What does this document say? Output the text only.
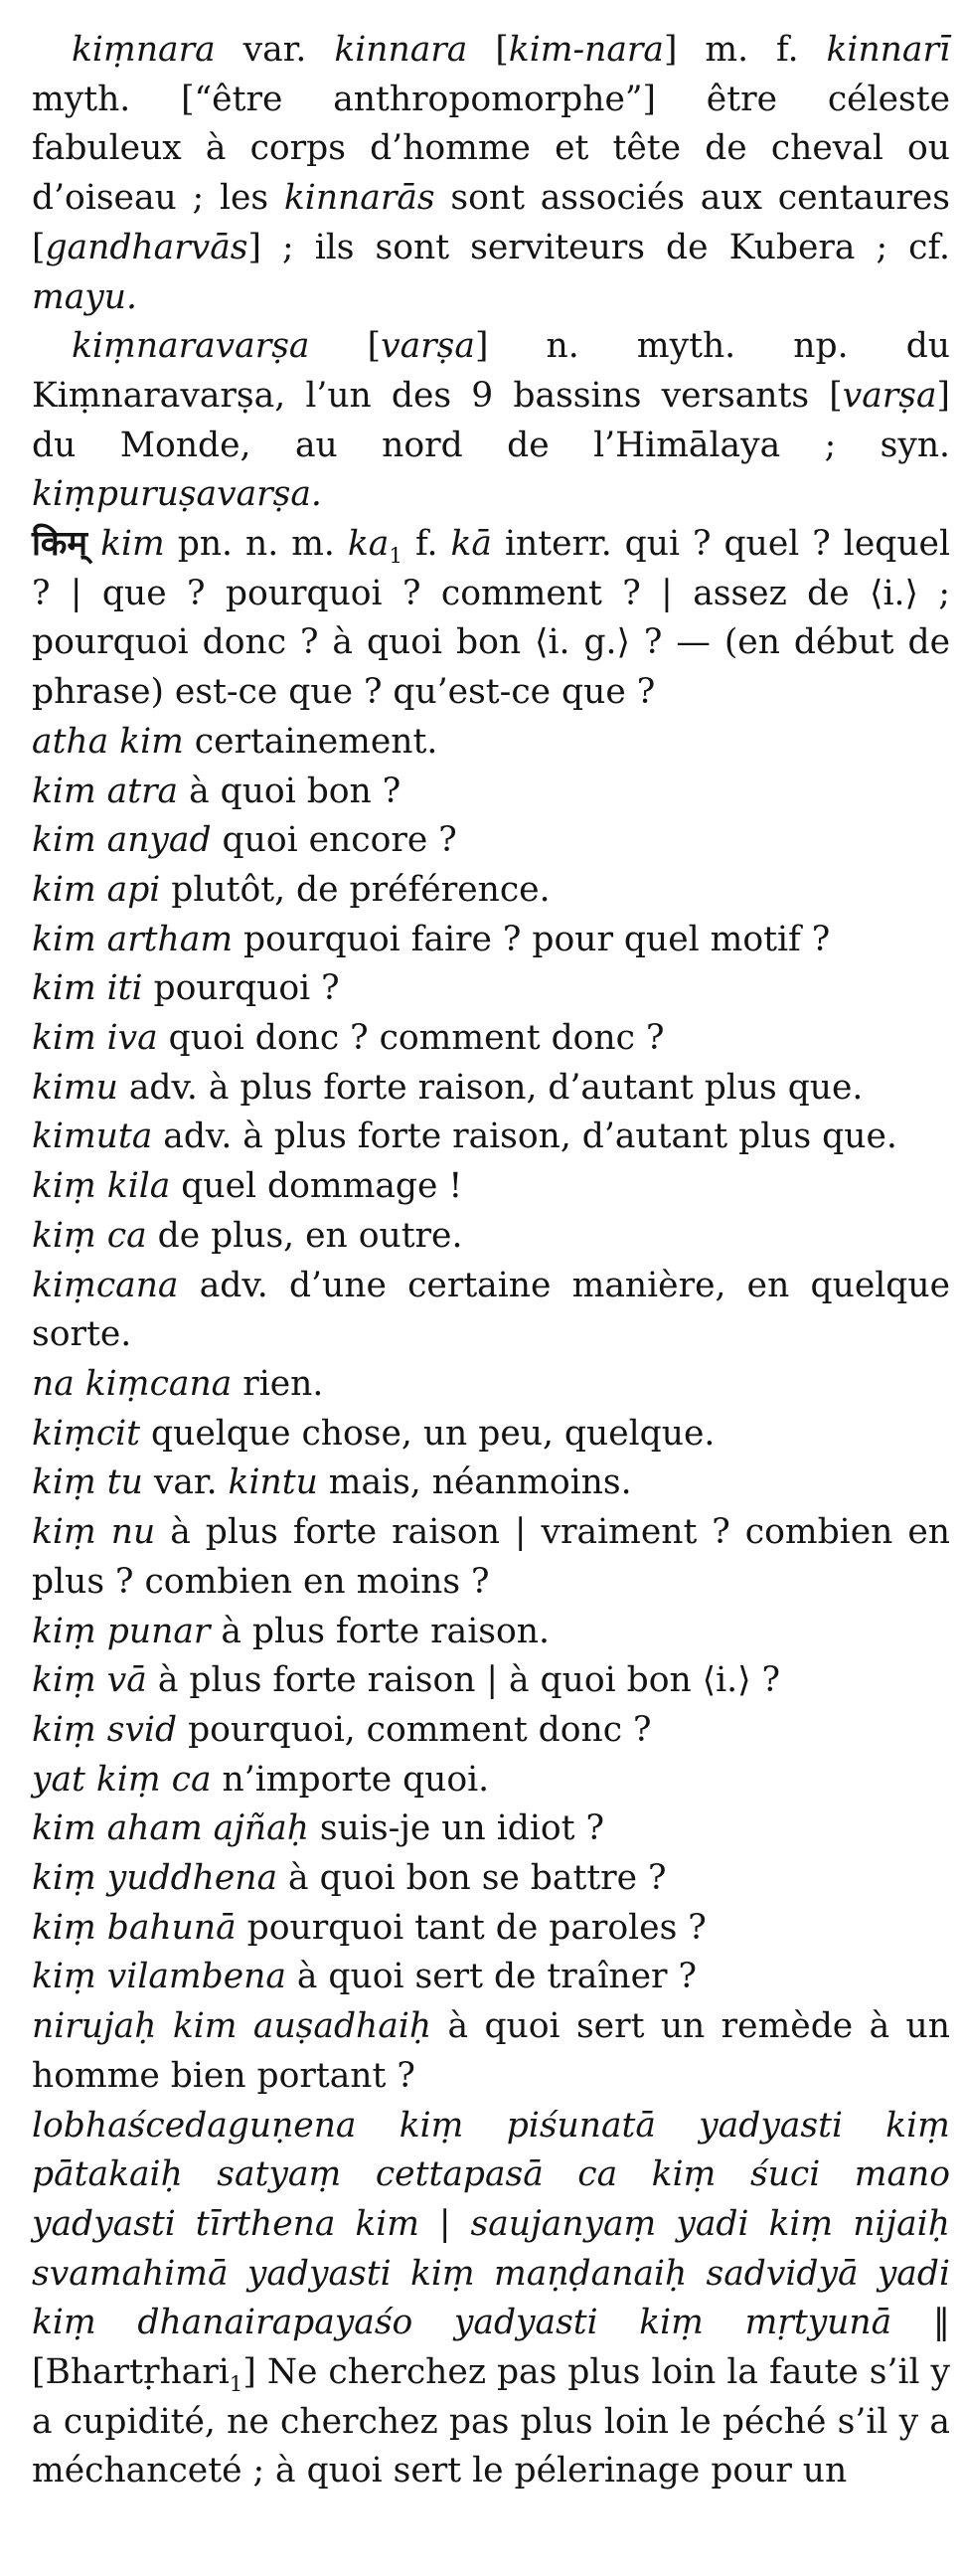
kiṃnara var. kinnara [kim-nara] m. f. kinnarī myth. [“être anthropomorphe”] être céleste fabuleux à corps d’homme et tête de cheval ou d’oiseau ; les kinnarās sont associés aux centaures [gandharvās] ; ils sont serviteurs de Kubera ; cf. mayu.

kiṃnaravarṣa [varṣa] n. myth. np. du Kiṃnaravarṣa, l’un des 9 bassins versants [varṣa] du Monde, au nord de l’Himālaya ; syn. kiṃpuruṣavarṣa.

किम् kim pn. n. m. $ka_1$ f. kā interr. qui ? quel ? lequel ? | que ? pourquoi ? comment ? | assez de ⟨i.⟩ ; pourquoi donc ? à quoi bon ⟨i. g.⟩ ? — (en début de phrase) est-ce que ? qu’est-ce que ?

atha kim certainement.

kim atra à quoi bon ?

kim anyad quoi encore ?

kim api plutôt, de préférence.

kim artham pourquoi faire ? pour quel motif ?

kim iti pourquoi ?

kim iva quoi donc ? comment donc ?

kimu adv. à plus forte raison, d’autant plus que.

kimuta adv. à plus forte raison, d’autant plus que.

kiṃ kila quel dommage !

kiṃ ca de plus, en outre.

kiṃcana adv. d’une certaine manière, en quelque sorte.

na kiṃcana rien.

kiṃcit quelque chose, un peu, quelque.

kiṃ tu var. kintu mais, néanmoins.

kiṃ nu à plus forte raison | vraiment ? combien en plus ? combien en moins ?

kiṃ punar à plus forte raison.

kiṃ vā à plus forte raison | à quoi bon ⟨i.⟩ ?

kiṃ svid pourquoi, comment donc ?

yat kiṃ ca n’importe quoi.

kim aham ajñaḥ suis-je un idiot ?

kiṃ yuddhena à quoi bon se battre ?

kiṃ bahunā pourquoi tant de paroles ?

kiṃ vilambena à quoi sert de traîner ?

nirujaḥ kim auṣadhaiḥ à quoi sert un remède à un homme bien portant ?

lobhaścedaguṇena kiṃ piśunatā yadyasti kiṃ pātakaiḥ satyaṃ cettapasā ca kiṃ śuci mano yadyasti tīrthena kim | saujanyaṃ yadi kiṃ nijaiḥ svamahimā yadyasti kiṃ maṇḍanaiḥ sadvidyā yadi kiṃ dhanairapayaśo yadyasti kiṃ mṛtyunā ‖ [Bhartṛhari$_1$] Ne cherchez pas plus loin la faute s’il y a cupidité, ne cherchez pas plus loin le péché s’il y a méchanceté ; à quoi sert le pélerinage pour un
